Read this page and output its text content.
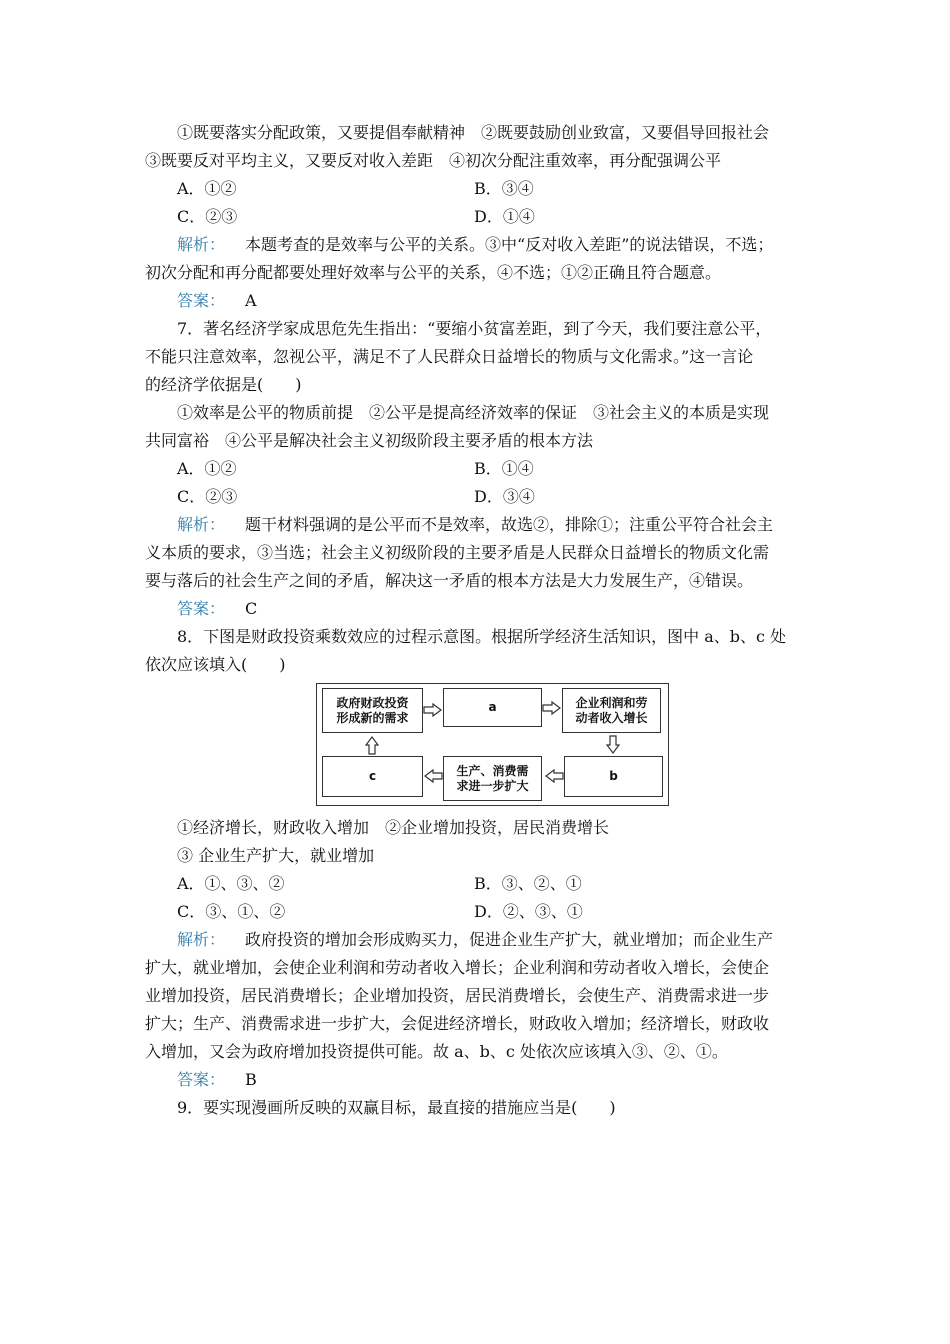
①既要落实分配政策，又要提倡奉献精神　②既要鼓励创业致富，又要倡导回报社会
③既要反对平均主义，又要反对收入差距　④初次分配注重效率，再分配强调公平
A．①②	B．③④
C．②③	D．①④
解析： 本题考查的是效率与公平的关系。③中“反对收入差距”的说法错误，不选；
初次分配和再分配都要处理好效率与公平的关系，④不选；①②正确且符合题意。
答案： A
7．著名经济学家成思危先生指出：“要缩小贫富差距，到了今天，我们要注意公平，
不能只注意效率，忽视公平，满足不了人民群众日益增长的物质与文化需求。”这一言论
的经济学依据是(　　)
①效率是公平的物质前提　②公平是提高经济效率的保证　③社会主义的本质是实现
共同富裕　④公平是解决社会主义初级阶段主要矛盾的根本方法
A．①②	B．①④
C．②③	D．③④
解析： 题干材料强调的是公平而不是效率，故选②，排除①；注重公平符合社会主
义本质的要求，③当选；社会主义初级阶段的主要矛盾是人民群众日益增长的物质文化需
要与落后的社会生产之间的矛盾，解决这一矛盾的根本方法是大力发展生产，④错误。
答案： C
8．下图是财政投资乘数效应的过程示意图。根据所学经济生活知识，图中 a、b、c 处
依次应该填入(　　)
政府财政投资
形成新的需求
a	企业利润和劳
动者收入增长
b
生产、消费需
求进一步扩大
c
①经济增长，财政收入增加　②企业增加投资，居民消费增长
③ 企业生产扩大，就业增加
A．①、③、②	B．③、②、①
C．③、①、②	D．②、③、①
解析： 政府投资的增加会形成购买力，促进企业生产扩大，就业增加；而企业生产
扩大，就业增加，会使企业利润和劳动者收入增长；企业利润和劳动者收入增长，会使企
业增加投资，居民消费增长；企业增加投资，居民消费增长，会使生产、消费需求进一步
扩大；生产、消费需求进一步扩大，会促进经济增长，财政收入增加；经济增长，财政收
入增加，又会为政府增加投资提供可能。故 a、b、c 处依次应该填入③、②、①。
答案： B
9．要实现漫画所反映的双赢目标，最直接的措施应当是(　　)
